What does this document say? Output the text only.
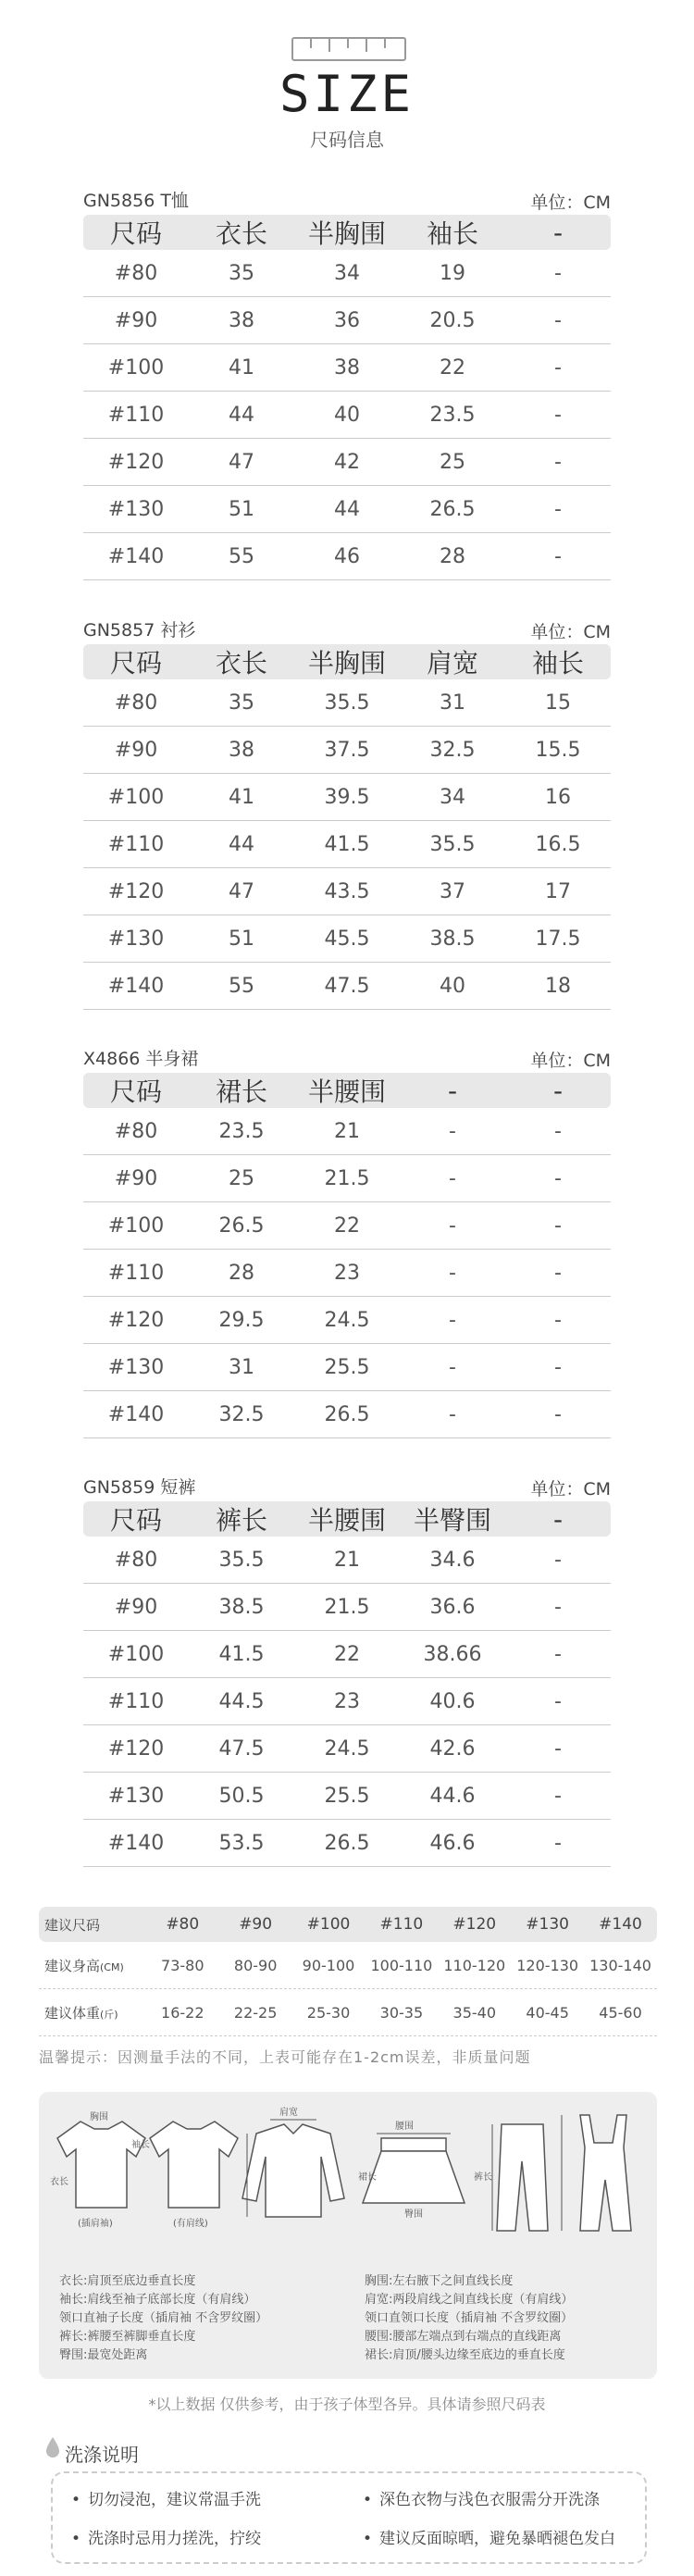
SIZE
尺码信息
GN5856 T恤	单位：CM
尺码	衣长	半胸围	袖长	-
#80	35	34	19	-
#90	38	36	20.5	-
#100	41	38	22	-
#110	44	40	23.5	-
#120	47	42	25	-
#130	51	44	26.5	-
#140	55	46	28	-
GN5857 衬衫	单位：CM
尺码	衣长	半胸围	肩宽	袖长
#80	35	35.5	31	15
#90	38	37.5	32.5	15.5
#100	41	39.5	34	16
#110	44	41.5	35.5	16.5
#120	47	43.5	37	17
#130	51	45.5	38.5	17.5
#140	55	47.5	40	18
X4866 半身裙	单位：CM
尺码	裙长	半腰围	-	-
#80	23.5	21	-	-
#90	25	21.5	-	-
#100	26.5	22	-	-
#110	28	23	-	-
#120	29.5	24.5	-	-
#130	31	25.5	-	-
#140	32.5	26.5	-	-
GN5859 短裤	单位：CM
尺码	裤长	半腰围	半臀围	-
#80	35.5	21	34.6	-
#90	38.5	21.5	36.6	-
#100	41.5	22	38.66	-
#110	44.5	23	40.6	-
#120	47.5	24.5	42.6	-
#130	50.5	25.5	44.6	-
#140	53.5	26.5	46.6	-
建议尺码	#80	#90	#100	#110	#120	#130	#140
建议身高(CM)	73-80	80-90	90-100	100-110 110-120 120-130 130-140
建议体重(斤)	16-22	22-25	25-30	30-35	35-40	40-45	45-60
温馨提示：因测量手法的不同，上表可能存在1-2cm误差，非质量问题
胸围
衣长
袖长
(插肩袖)	(有肩线)
肩宽
腰围
裙长
臀围
裤长
衣长:肩顶至底边垂直长度
袖长:肩线至袖子底部长度（有肩线）
领口直袖子长度（插肩袖 不含罗纹圈）
裤长:裤腰至裤脚垂直长度
臀围:最宽处距离
胸围:左右腋下之间直线长度
肩宽:两段肩线之间直线长度（有肩线）
领口直领口长度（插肩袖 不含罗纹圈）
腰围:腰部左端点到右端点的直线距离
裙长:肩顶/腰头边缘至底边的垂直长度
*以上数据 仅供参考，由于孩子体型各异。具体请参照尺码表
洗涤说明
• 切勿浸泡，建议常温手洗	• 深色衣物与浅色衣服需分开洗涤
• 洗涤时忌用力搓洗，拧绞	• 建议反面晾晒，避免暴晒褪色发白
